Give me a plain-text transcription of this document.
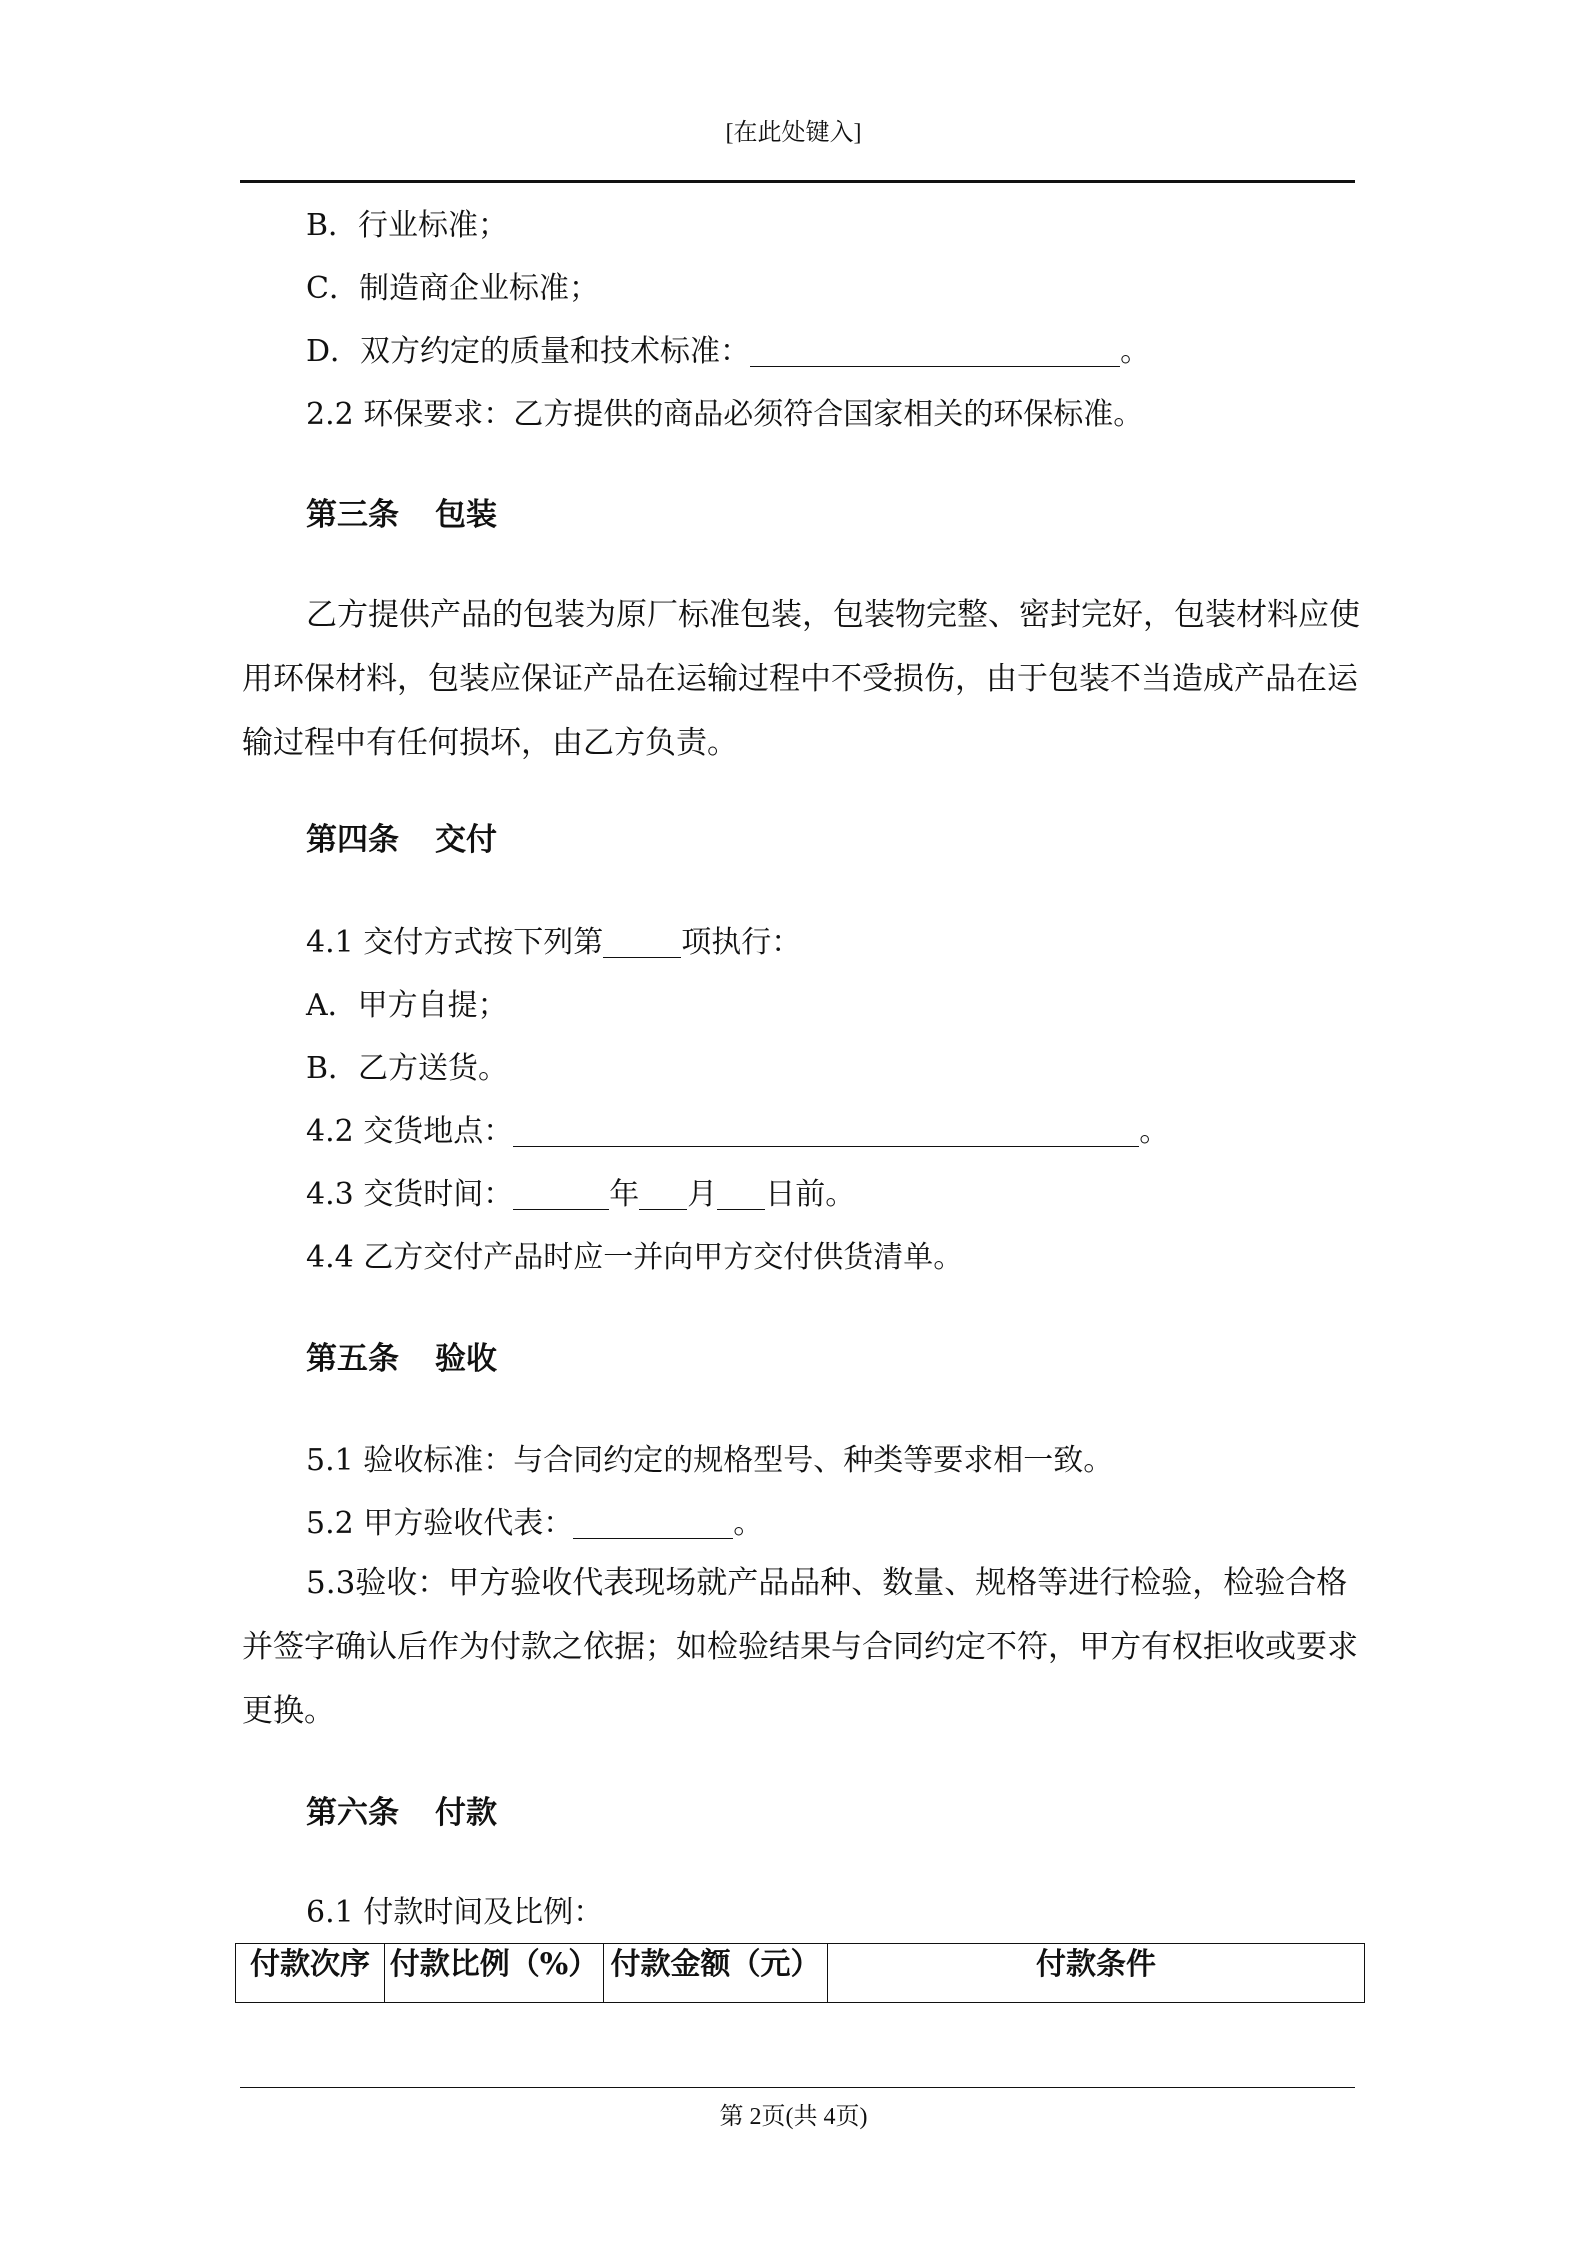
[在此处键入]
B．行业标准；
C．制造商企业标准；
D．双方约定的质量和技术标准：	。
2.2 环保要求：乙方提供的商品必须符合国家相关的环保标准。
第三条 包装
乙方提供产品的包装为原厂标准包装，包装物完整、密封完好，包装材料应使用环保材料，包装应保证产品在运输过程中不受损伤，由于包装不当造成产品在运输过程中有任何损坏，由乙方负责。
第四条 交付
4.1 交付方式按下列第	项执行：
A．甲方自提；
B．乙方送货。
4.2 交货地点：	。
4.3 交货时间：	年 月 日前。
4.4 乙方交付产品时应一并向甲方交付供货清单。
第五条 验收
5.1 验收标准：与合同约定的规格型号、种类等要求相一致。
5.2 甲方验收代表：	。
5.3验收：甲方验收代表现场就产品品种、数量、规格等进行检验，检验合格并签字确认后作为付款之依据；如检验结果与合同约定不符，甲方有权拒收或要求更换。
第六条 付款
6.1 付款时间及比例：
付款次序	付款比例（%）	付款金额（元）	付款条件
第 2页(共 4页)
